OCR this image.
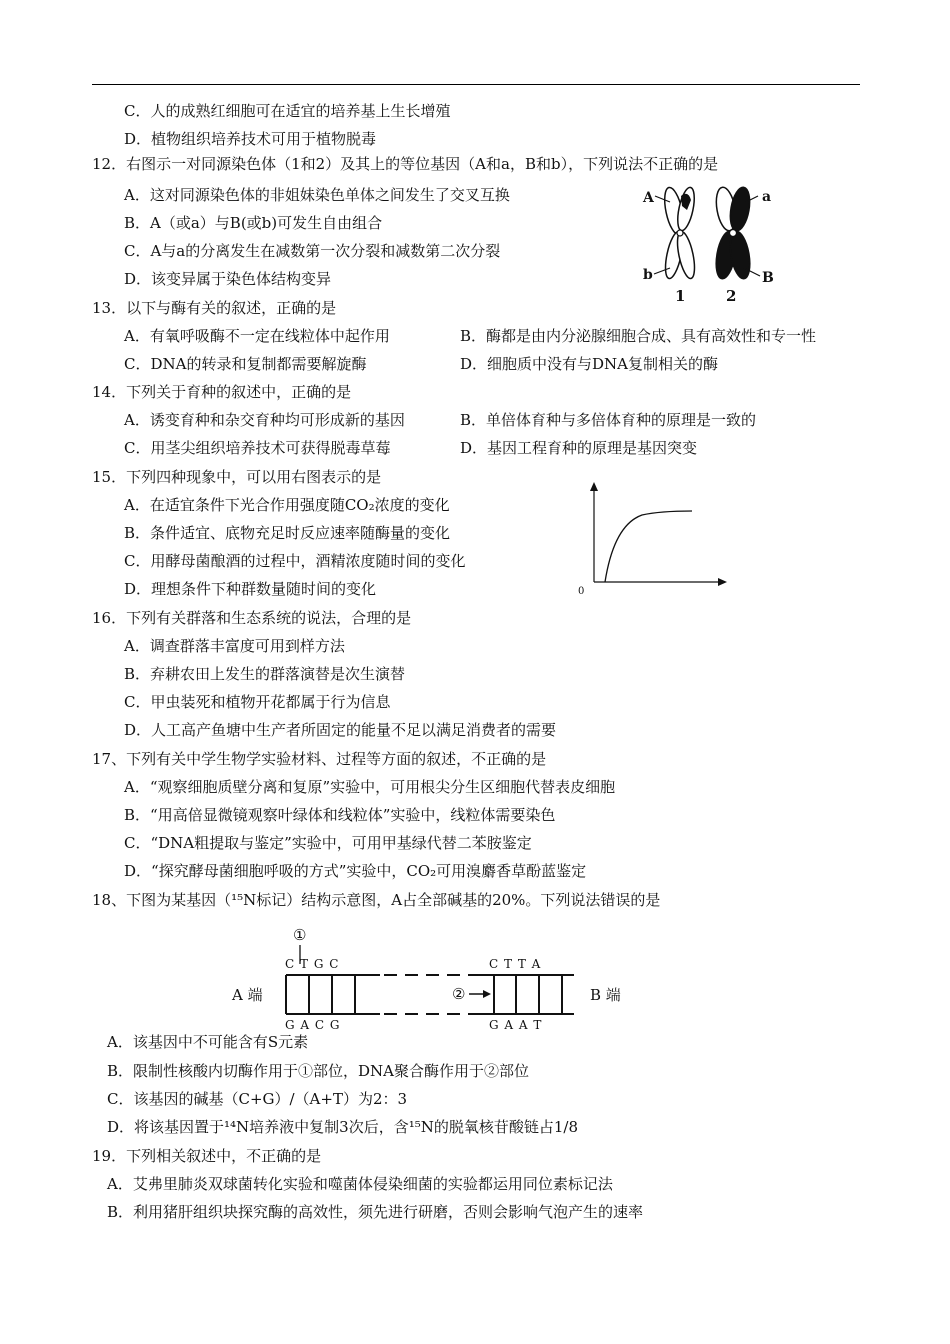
C．人的成熟红细胞可在适宜的培养基上生长增殖
D．植物组织培养技术可用于植物脱毒
12．右图示一对同源染色体（1和2）及其上的等位基因（A和a，B和b），下列说法不正确的是
A．这对同源染色体的非姐妹染色单体之间发生了交叉互换
B．A（或a）与B(或b)可发生自由组合
C．A与a的分离发生在减数第一次分裂和减数第二次分裂
D．该变异属于染色体结构变异
13．以下与酶有关的叙述，正确的是
A．有氧呼吸酶不一定在线粒体中起作用	B．酶都是由内分泌腺细胞合成、具有高效性和专一性
C．DNA的转录和复制都需要解旋酶	D．细胞质中没有与DNA复制相关的酶
14．下列关于育种的叙述中，正确的是
A．诱变育种和杂交育种均可形成新的基因	B．单倍体育种与多倍体育种的原理是一致的
C．用茎尖组织培养技术可获得脱毒草莓	D．基因工程育种的原理是基因突变
15．下列四种现象中，可以用右图表示的是
A．在适宜条件下光合作用强度随CO₂浓度的变化
B．条件适宜、底物充足时反应速率随酶量的变化
C．用酵母菌酿酒的过程中，酒精浓度随时间的变化
D．理想条件下种群数量随时间的变化
16．下列有关群落和生态系统的说法，合理的是
A．调查群落丰富度可用到样方法
B．弃耕农田上发生的群落演替是次生演替
C．甲虫装死和植物开花都属于行为信息
D．人工高产鱼塘中生产者所固定的能量不足以满足消费者的需要
17、下列有关中学生物学实验材料、过程等方面的叙述，不正确的是
A．“观察细胞质壁分离和复原”实验中，可用根尖分生区细胞代替表皮细胞
B．“用高倍显微镜观察叶绿体和线粒体”实验中，线粒体需要染色
C．“DNA粗提取与鉴定”实验中，可用甲基绿代替二苯胺鉴定
D．“探究酵母菌细胞呼吸的方式”实验中，CO₂可用溴麝香草酚蓝鉴定
18、下图为某基因（¹⁵N标记）结构示意图，A占全部碱基的20%。下列说法错误的是
A．该基因中不可能含有S元素
B．限制性核酸内切酶作用于①部位，DNA聚合酶作用于②部位
C．该基因的碱基（C+G）/（A+T）为2：3
D．将该基因置于¹⁴N培养液中复制3次后，含¹⁵N的脱氧核苷酸链占1/8
19．下列相关叙述中，不正确的是
A．艾弗里肺炎双球菌转化实验和噬菌体侵染细菌的实验都运用同位素标记法
B．利用猪肝组织块探究酶的高效性，须先进行研磨，否则会影响气泡产生的速率
A	a
b	B
1	2
0
①
C T G C	C T T A
②
A 端	B 端
G A C G	G A A T
